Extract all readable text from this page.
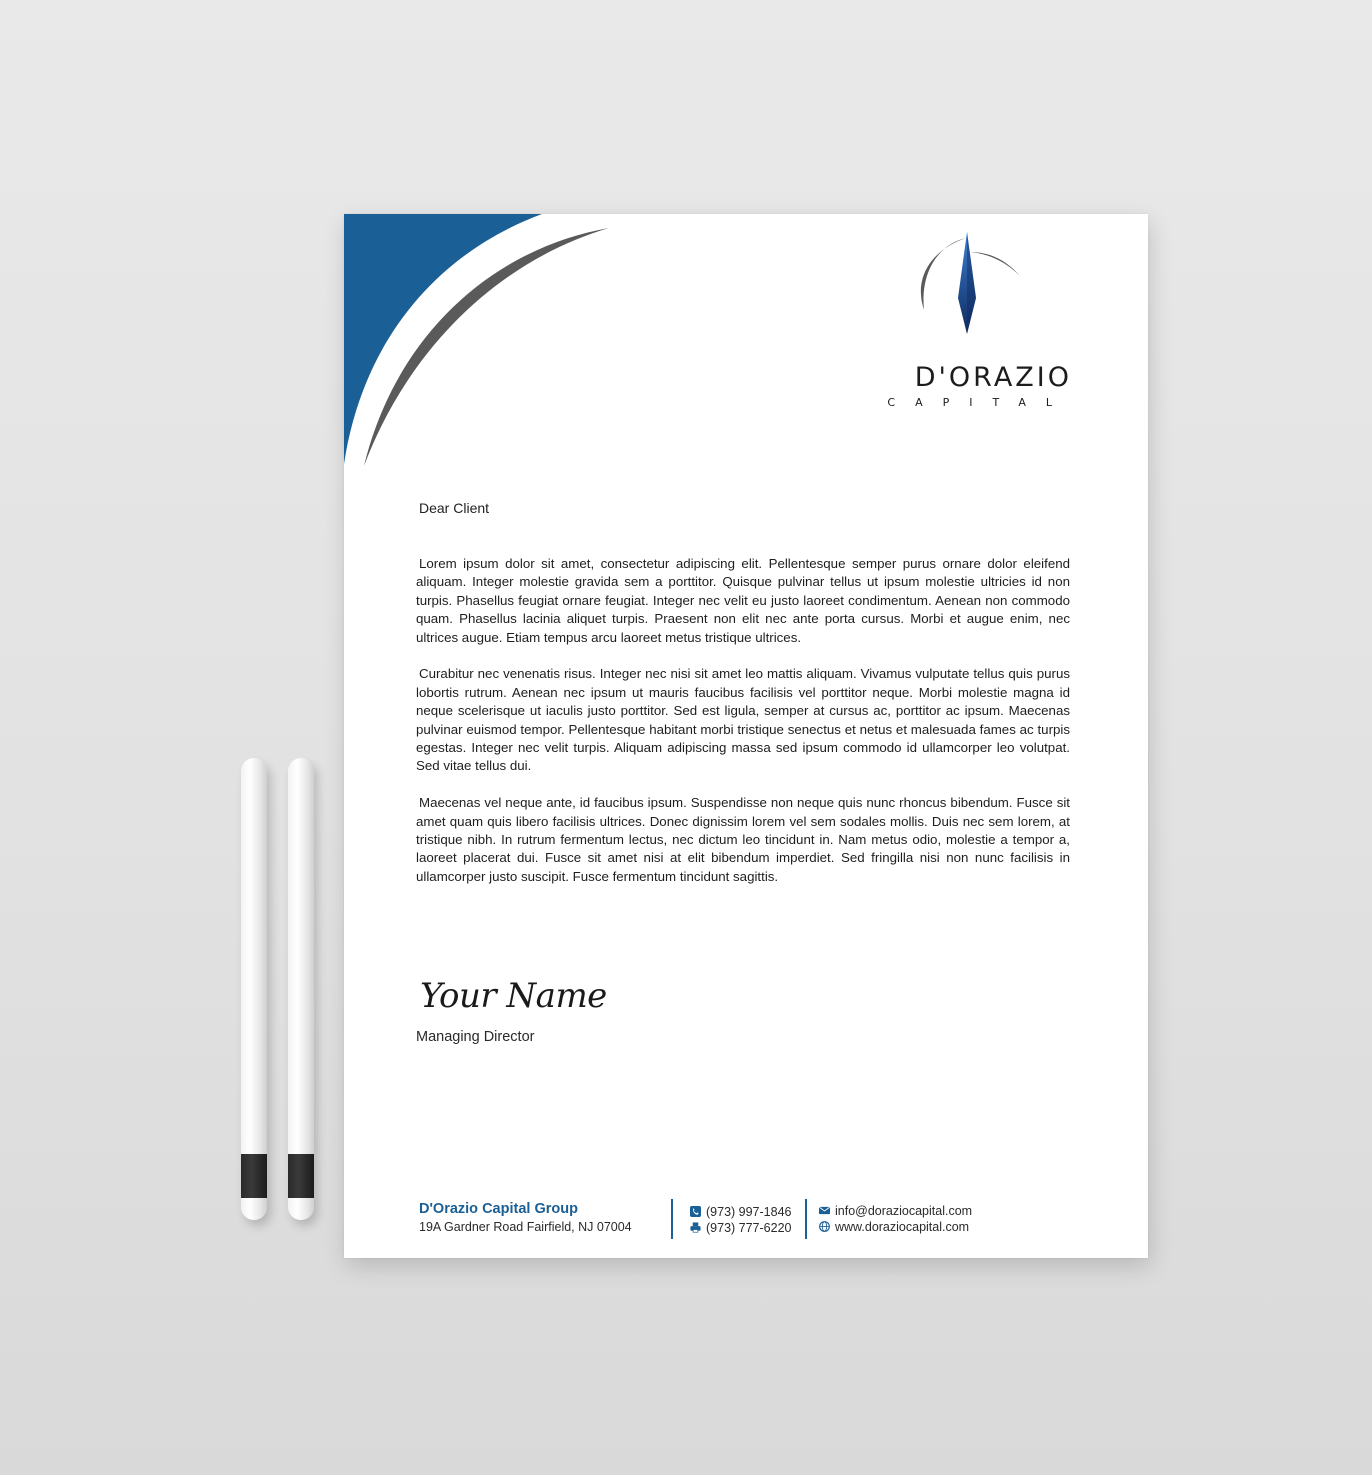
D'ORAZIO
CAPITAL
Dear Client

Lorem ipsum dolor sit amet, consectetur adipiscing elit. Pellentesque semper purus ornare dolor eleifend aliquam. Integer molestie gravida sem a porttitor. Quisque pulvinar tellus ut ipsum molestie ultricies id non turpis. Phasellus feugiat ornare feugiat. Integer nec velit eu justo laoreet condimentum. Aenean non commodo quam. Phasellus lacinia aliquet turpis. Praesent non elit nec ante porta cursus. Morbi et augue enim, nec ultrices augue. Etiam tempus arcu laoreet metus tristique ultrices.

Curabitur nec venenatis risus. Integer nec nisi sit amet leo mattis aliquam. Vivamus vulputate tellus quis purus lobortis rutrum. Aenean nec ipsum ut mauris faucibus facilisis vel porttitor neque. Morbi molestie magna id neque scelerisque ut iaculis justo porttitor. Sed est ligula, semper at cursus ac, porttitor ac ipsum. Maecenas pulvinar euismod tempor. Pellentesque habitant morbi tristique senectus et netus et malesuada fames ac turpis egestas. Integer nec velit turpis. Aliquam adipiscing massa sed ipsum commodo id ullamcorper leo volutpat. Sed vitae tellus dui.

Maecenas vel neque ante, id faucibus ipsum. Suspendisse non neque quis nunc rhoncus bibendum. Fusce sit amet quam quis libero facilisis ultrices. Donec dignissim lorem vel sem sodales mollis. Duis nec sem lorem, at tristique nibh. In rutrum fermentum lectus, nec dictum leo tincidunt in. Nam metus odio, molestie a tempor a, laoreet placerat dui. Fusce sit amet nisi at elit bibendum imperdiet. Sed fringilla nisi non nunc facilisis in ullamcorper justo suscipit. Fusce fermentum tincidunt sagittis.

Your Name
Managing Director
D'Orazio Capital Group
19A Gardner Road Fairfield, NJ 07004
(973) 997-1846
(973) 777-6220
info@doraziocapital.com
www.doraziocapital.com
